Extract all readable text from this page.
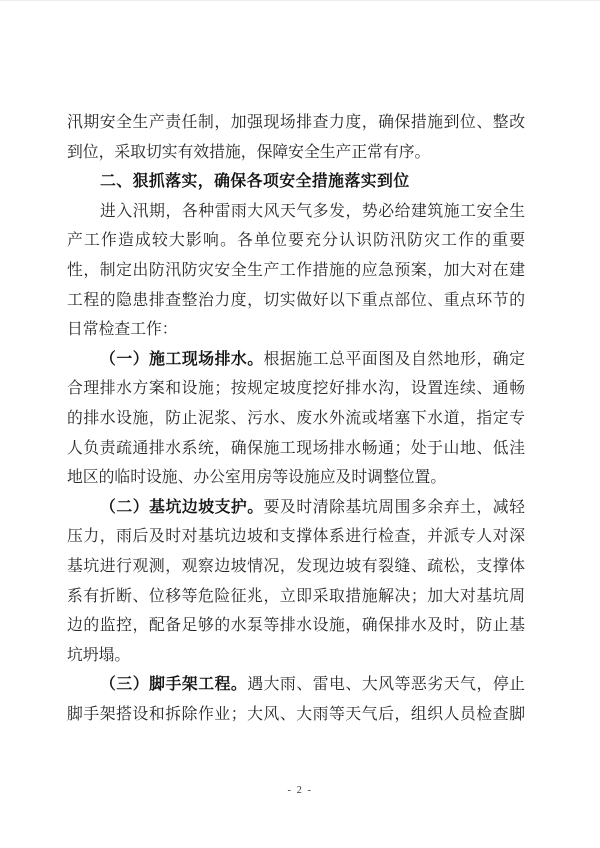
汛期安全生产责任制，加强现场排查力度，确保措施到位、整改
到位，采取切实有效措施，保障安全生产正常有序。
二、狠抓落实，确保各项安全措施落实到位
进入汛期，各种雷雨大风天气多发，势必给建筑施工安全生
产工作造成较大影响。各单位要充分认识防汛防灾工作的重要
性，制定出防汛防灾安全生产工作措施的应急预案，加大对在建
工程的隐患排查整治力度，切实做好以下重点部位、重点环节的
日常检查工作：
（一）施工现场排水。根据施工总平面图及自然地形，确定
合理排水方案和设施；按规定坡度挖好排水沟，设置连续、通畅
的排水设施，防止泥浆、污水、废水外流或堵塞下水道，指定专
人负责疏通排水系统，确保施工现场排水畅通；处于山地、低洼
地区的临时设施、办公室用房等设施应及时调整位置。
（二）基坑边坡支护。要及时清除基坑周围多余弃土，减轻
压力，雨后及时对基坑边坡和支撑体系进行检查，并派专人对深
基坑进行观测，观察边坡情况，发现边坡有裂缝、疏松，支撑体
系有折断、位移等危险征兆，立即采取措施解决；加大对基坑周
边的监控，配备足够的水泵等排水设施，确保排水及时，防止基
坑坍塌。
（三）脚手架工程。遇大雨、雷电、大风等恶劣天气，停止
脚手架搭设和拆除作业；大风、大雨等天气后，组织人员检查脚
- 2 -
